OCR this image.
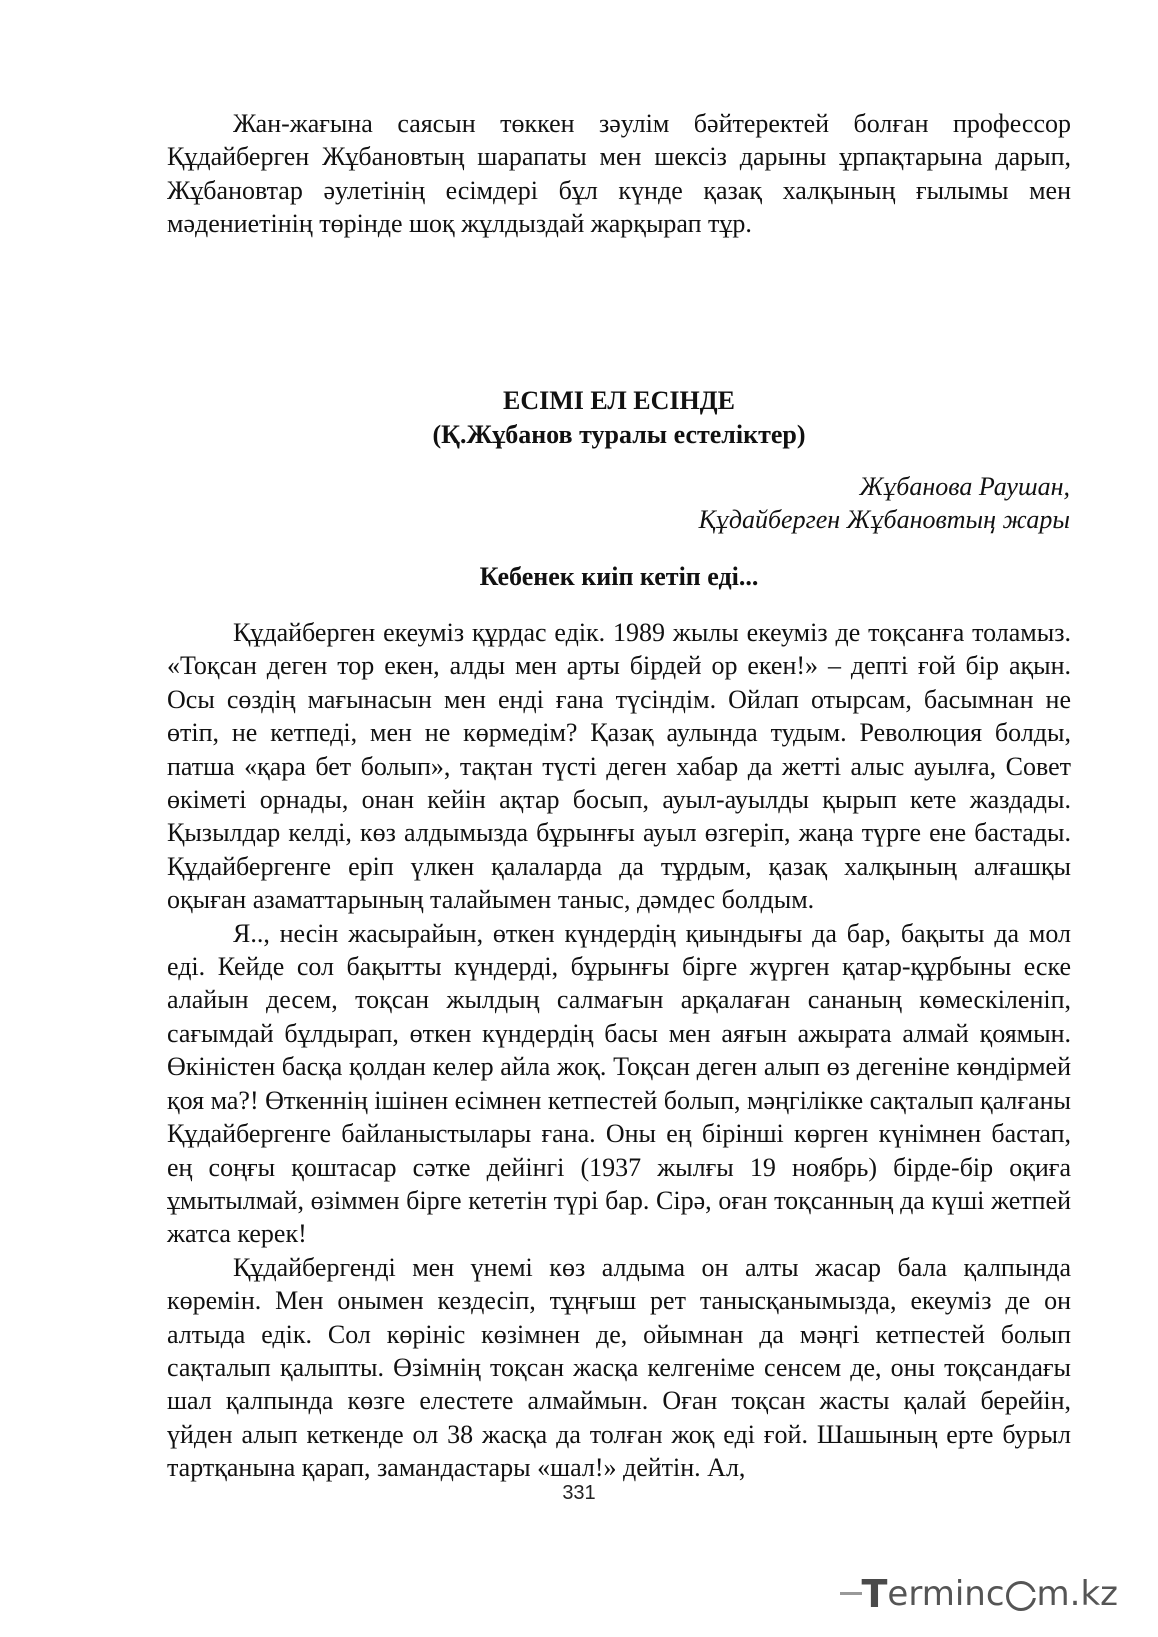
Жан-жағына саясын төккен зәулім бәйтеректей болған профессор Құдайберген Жұбановтың шарапаты мен шексіз дарыны ұрпақтарына дарып, Жұбановтар әулетінің есімдері бұл күнде қазақ халқының ғылымы мен мәдениетінің төрінде шоқ жұлдыздай жарқырап тұр.

ЕСІМІ ЕЛ ЕСІНДЕ
(Қ.Жұбанов туралы естеліктер)
Жұбанова Раушан,
Құдайберген Жұбановтың жары
Кебенек киіп кетіп еді...

Құдайберген екеуміз құрдас едік. 1989 жылы екеуміз де тоқсанға толамыз. «Тоқсан деген тор екен, алды мен арты бірдей ор екен!» – депті ғой бір ақын. Осы сөздің мағынасын мен енді ғана түсіндім. Ойлап отырсам, басымнан не өтіп, не кетпеді, мен не көрмедім? Қазақ аулында тудым. Революция болды, патша «қара бет болып», тақтан түсті деген хабар да жетті алыс ауылға, Совет өкіметі орнады, онан кейін ақтар босып, ауыл-ауылды қырып кете жаздады. Қызылдар келді, көз алдымызда бұрынғы ауыл өзгеріп, жаңа түрге ене бастады. Құдайбергенге еріп үлкен қалаларда да тұрдым, қазақ халқының алғашқы оқыған азаматтарының талайымен таныс, дәмдес болдым.

Я.., несін жасырайын, өткен күндердің қиындығы да бар, бақыты да мол еді. Кейде сол бақытты күндерді, бұрынғы бірге жүрген қатар-құрбыны еске алайын десем, тоқсан жылдың салмағын арқалаған сананың көмескіленіп, сағымдай бұлдырап, өткен күндердің басы мен аяғын ажырата алмай қоямын. Өкіністен басқа қолдан келер айла жоқ. Тоқсан деген алып өз дегеніне көндірмей қоя ма?! Өткеннің ішінен есімнен кетпестей болып, мәңгілікке сақталып қалғаны Құдайбергенге байланыстылары ғана. Оны ең бірінші көрген күнімнен бастап, ең соңғы қоштасар сәтке дейінгі (1937 жылғы 19 ноябрь) бірде-бір оқиға ұмытылмай, өзіммен бірге кететін түрі бар. Сірә, оған тоқсанның да күші жетпей жатса керек!

Құдайбергенді мен үнемі көз алдыма он алты жасар бала қалпында көремін. Мен онымен кездесіп, тұңғыш рет танысқанымызда, екеуміз де он алтыда едік. Сол көрініс көзімнен де, ойымнан да мәңгі кетпестей болып сақталып қалыпты. Өзімнің тоқсан жасқа келгеніме сенсем де, оны тоқсандағы шал қалпында көзге елестете алмаймын. Оған тоқсан жасты қалай берейін, үйден алып кеткенде ол 38 жасқа да толған жоқ еді ғой. Шашының ерте бурыл тартқанына қарап, замандастары «шал!» дейтін. Ал,

331
T erminc m.kz
